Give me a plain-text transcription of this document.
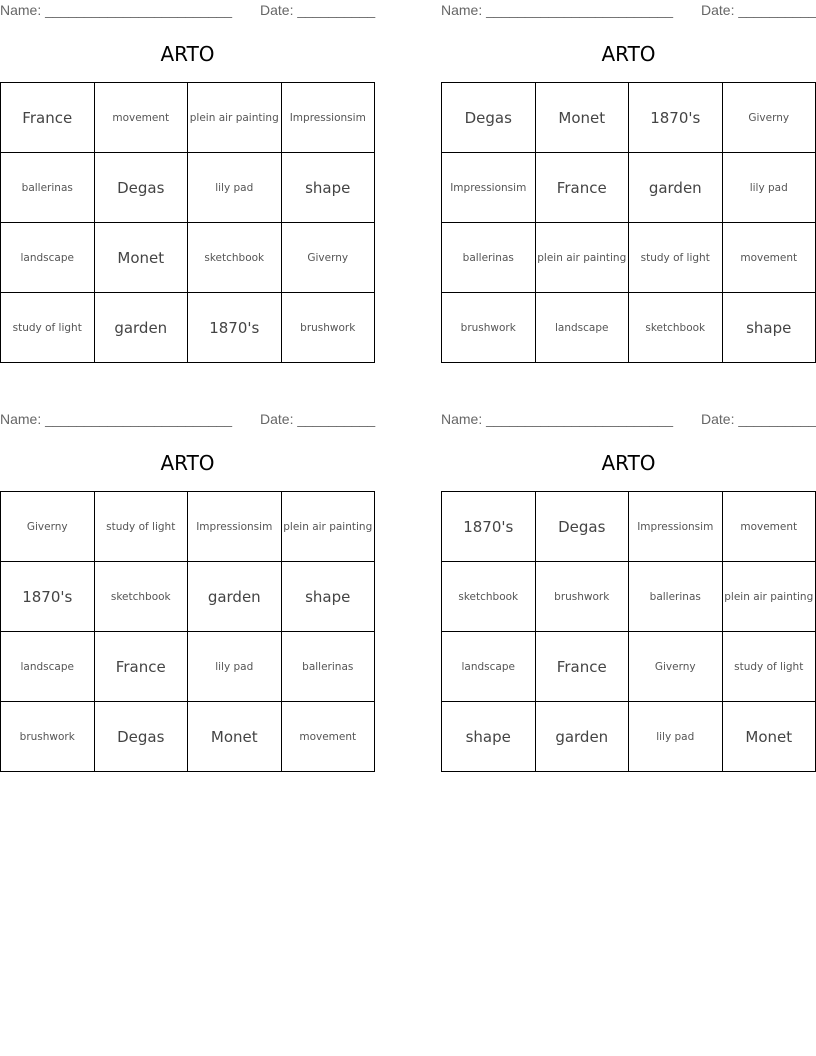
Name: ________________________ Date: __________
ARTO
France	movement	plein air painting	Impressionsim
ballerinas	Degas	lily pad	shape
landscape	Monet	sketchbook	Giverny
study of light	garden	1870's	brushwork
Name: ________________________ Date: __________
ARTO
Degas	Monet	1870's	Giverny
Impressionsim	France	garden	lily pad
ballerinas	plein air painting	study of light	movement
brushwork	landscape	sketchbook	shape
Name: ________________________ Date: __________
ARTO
Giverny	study of light	Impressionsim	plein air painting
1870's	sketchbook	garden	shape
landscape	France	lily pad	ballerinas
brushwork	Degas	Monet	movement
Name: ________________________ Date: __________
ARTO
1870's	Degas	Impressionsim	movement
sketchbook	brushwork	ballerinas	plein air painting
landscape	France	Giverny	study of light
shape	garden	lily pad	Monet
